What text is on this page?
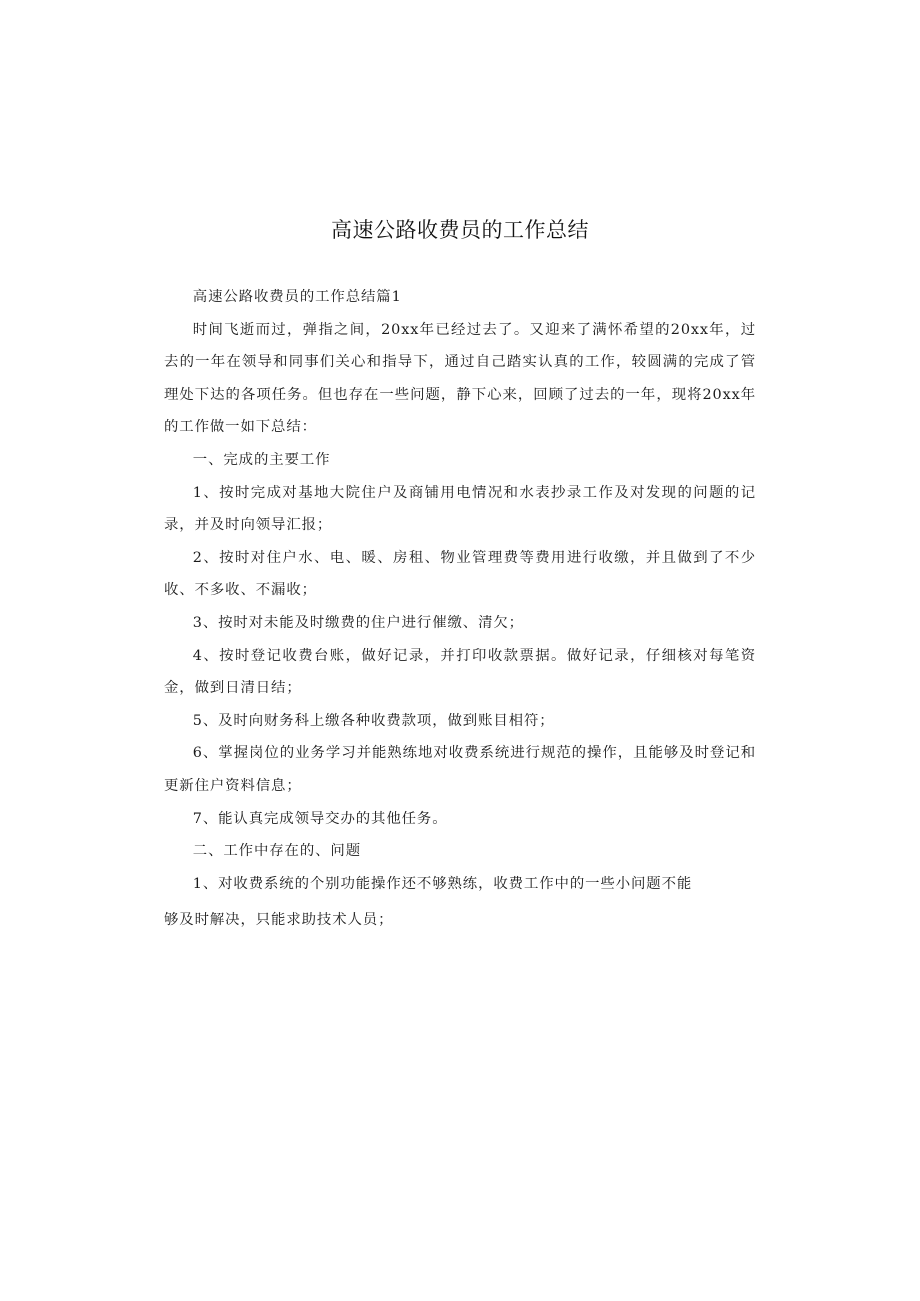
高速公路收费员的工作总结

高速公路收费员的工作总结篇1

时间飞逝而过，弹指之间，20xx年已经过去了。又迎来了满怀希望的20xx年，过去的一年在领导和同事们关心和指导下，通过自己踏实认真的工作，较圆满的完成了管理处下达的各项任务。但也存在一些问题，静下心来，回顾了过去的一年，现将20xx年的工作做一如下总结：

一、完成的主要工作

1、按时完成对基地大院住户及商铺用电情况和水表抄录工作及对发现的问题的记录，并及时向领导汇报；

2、按时对住户水、电、暖、房租、物业管理费等费用进行收缴，并且做到了不少收、不多收、不漏收；

3、按时对未能及时缴费的住户进行催缴、清欠；

4、按时登记收费台账，做好记录，并打印收款票据。做好记录，仔细核对每笔资金，做到日清日结；

5、及时向财务科上缴各种收费款项，做到账目相符；

6、掌握岗位的业务学习并能熟练地对收费系统进行规范的操作，且能够及时登记和更新住户资料信息；

7、能认真完成领导交办的其他任务。

二、工作中存在的、问题

1、对收费系统的个别功能操作还不够熟练，收费工作中的一些小问题不能

够及时解决，只能求助技术人员；
